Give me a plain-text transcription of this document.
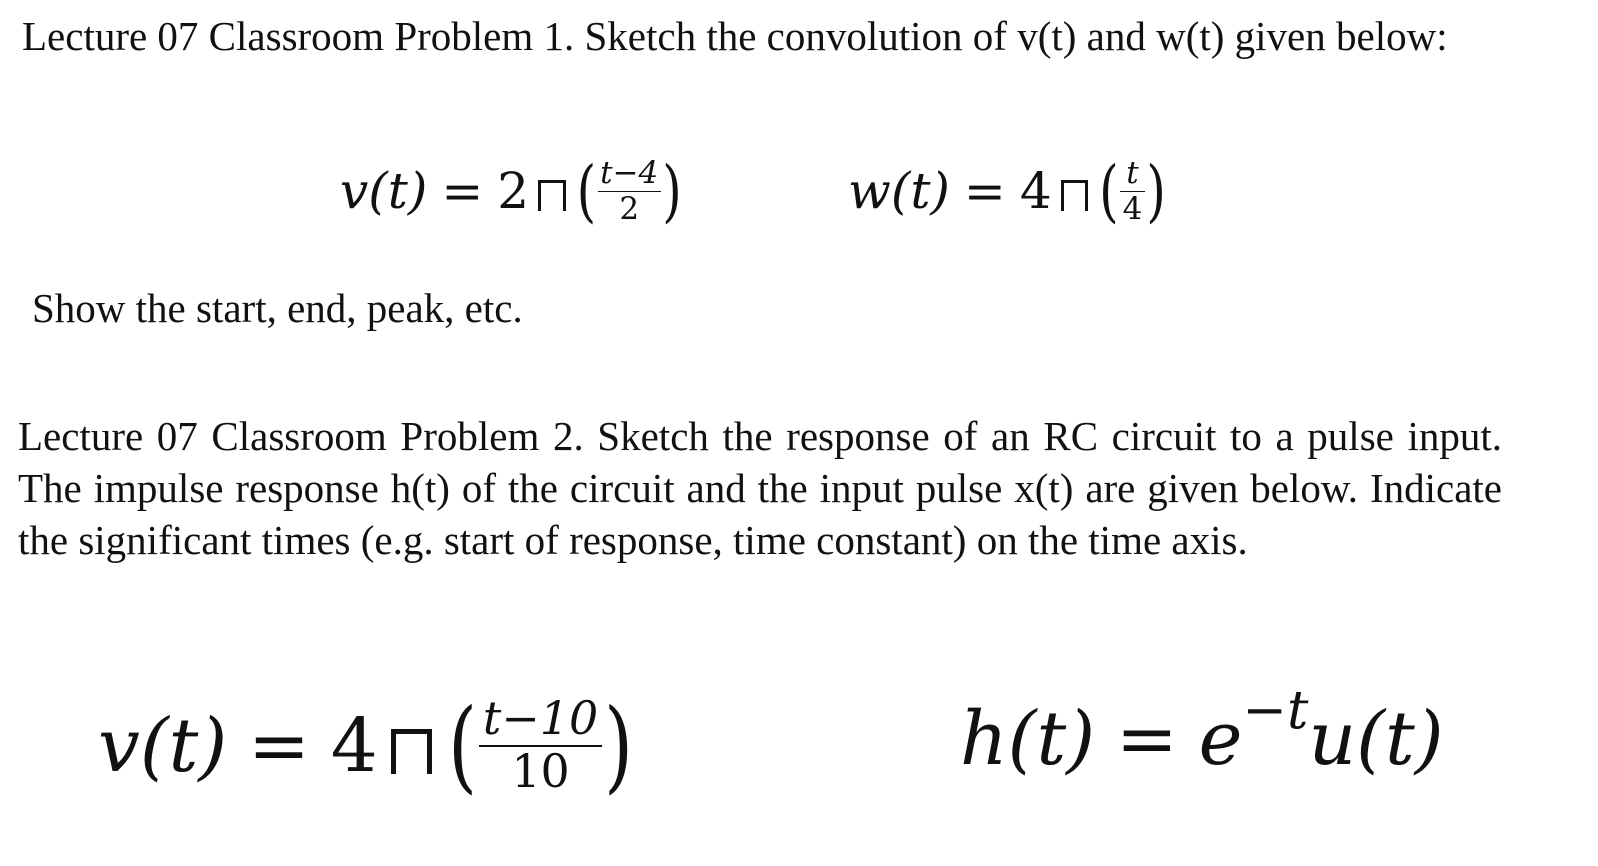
Lecture 07 Classroom Problem 1. Sketch the convolution of v(t) and w(t) given below:
v (t) = 2 ( $\frac{t-4}{2}$ )	w (t) = 4 ( $\frac{t}{4}$ )
Show the start, end, peak, etc.
Lecture 07 Classroom Problem 2. Sketch the response of an RC circuit to a pulse input. The impulse response h(t) of the circuit and the input pulse x(t) are given below. Indicate the significant times (e.g. start of response, time constant) on the time axis.
v (t) = 4 ( $\frac{t-10}{10}$ )	h (t) = e −t u (t)
